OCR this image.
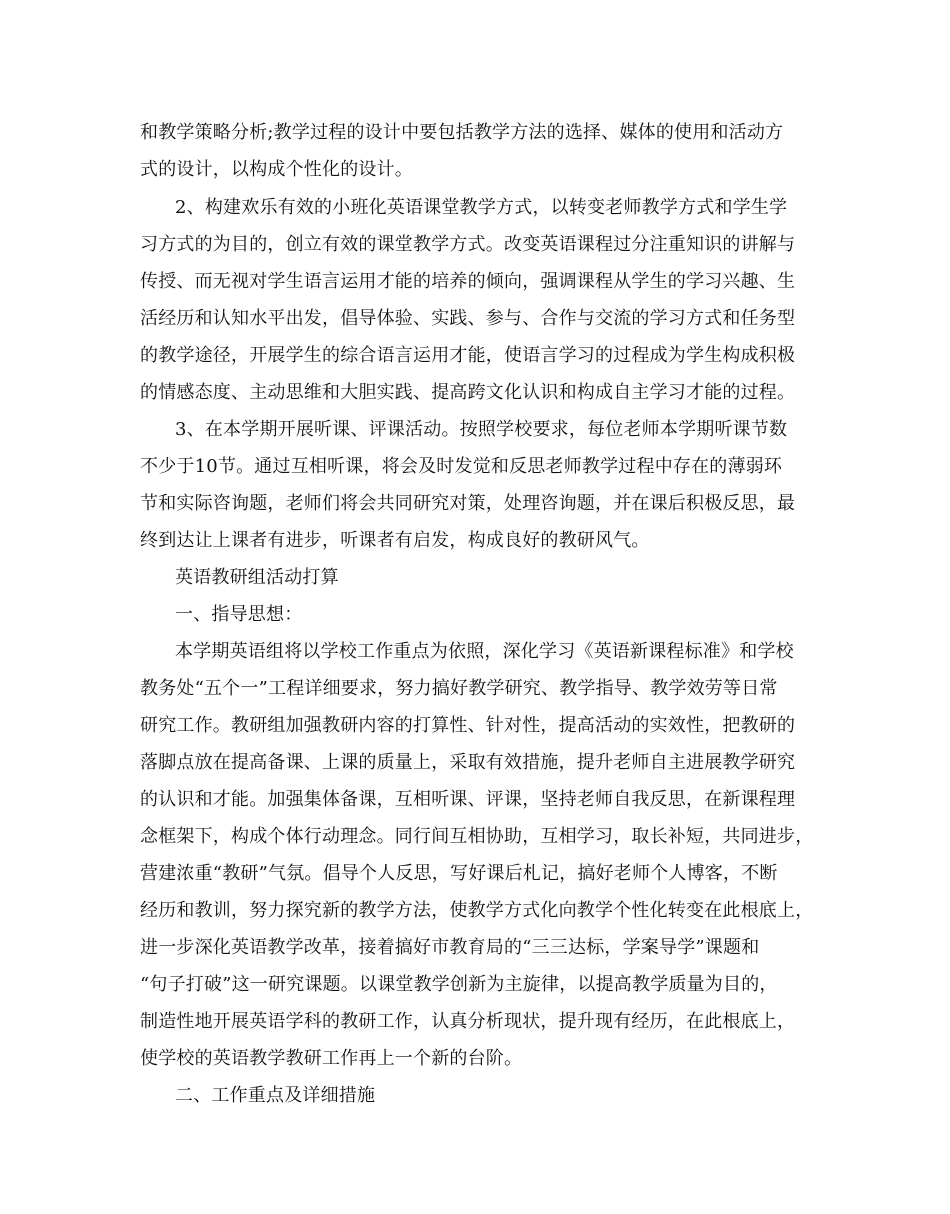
和教学策略分析;教学过程的设计中要包括教学方法的选择、媒体的使用和活动方
式的设计，以构成个性化的设计。
2、构建欢乐有效的小班化英语课堂教学方式，以转变老师教学方式和学生学
习方式的为目的，创立有效的课堂教学方式。改变英语课程过分注重知识的讲解与
传授、而无视对学生语言运用才能的培养的倾向，强调课程从学生的学习兴趣、生
活经历和认知水平出发，倡导体验、实践、参与、合作与交流的学习方式和任务型
的教学途径，开展学生的综合语言运用才能，使语言学习的过程成为学生构成积极
的情感态度、主动思维和大胆实践、提高跨文化认识和构成自主学习才能的过程。
3、在本学期开展听课、评课活动。按照学校要求，每位老师本学期听课节数
不少于10节。通过互相听课，将会及时发觉和反思老师教学过程中存在的薄弱环
节和实际咨询题，老师们将会共同研究对策，处理咨询题，并在课后积极反思，最
终到达让上课者有进步，听课者有启发，构成良好的教研风气。
英语教研组活动打算
一、指导思想：
本学期英语组将以学校工作重点为依照，深化学习《英语新课程标准》和学校
教务处“五个一”工程详细要求，努力搞好教学研究、教学指导、教学效劳等日常
研究工作。教研组加强教研内容的打算性、针对性，提高活动的实效性，把教研的
落脚点放在提高备课、上课的质量上，采取有效措施，提升老师自主进展教学研究
的认识和才能。加强集体备课，互相听课、评课，坚持老师自我反思，在新课程理
念框架下，构成个体行动理念。同行间互相协助，互相学习，取长补短，共同进步，
营建浓重“教研”气氛。倡导个人反思，写好课后札记，搞好老师个人博客，不断
经历和教训，努力探究新的教学方法，使教学方式化向教学个性化转变在此根底上，
进一步深化英语教学改革，接着搞好市教育局的“三三达标，学案导学”课题和
“句子打破”这一研究课题。以课堂教学创新为主旋律，以提高教学质量为目的，
制造性地开展英语学科的教研工作，认真分析现状，提升现有经历，在此根底上，
使学校的英语教学教研工作再上一个新的台阶。
二、工作重点及详细措施
